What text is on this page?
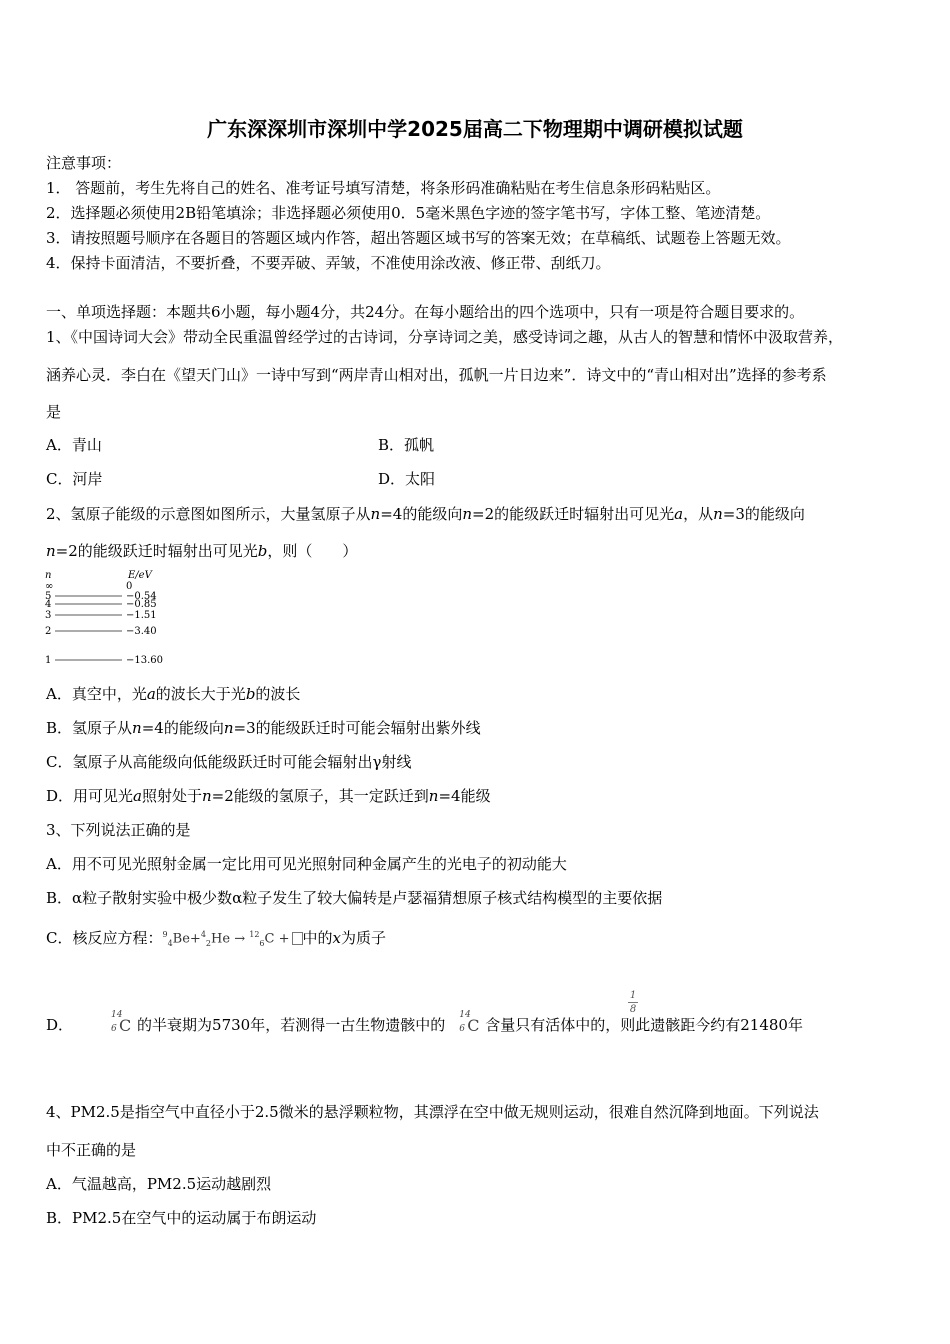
广东深深圳市深圳中学2025届高二下物理期中调研模拟试题
注意事项：
1． 答题前，考生先将自己的姓名、准考证号填写清楚，将条形码准确粘贴在考生信息条形码粘贴区。
2．选择题必须使用2B铅笔填涂；非选择题必须使用0．5毫米黑色字迹的签字笔书写，字体工整、笔迹清楚。
3．请按照题号顺序在各题目的答题区域内作答，超出答题区域书写的答案无效；在草稿纸、试题卷上答题无效。
4．保持卡面清洁，不要折叠，不要弄破、弄皱，不准使用涂改液、修正带、刮纸刀。
一、单项选择题：本题共6小题，每小题4分，共24分。在每小题给出的四个选项中，只有一项是符合题目要求的。
1、《中国诗词大会》带动全民重温曾经学过的古诗词，分享诗词之美，感受诗词之趣，从古人的智慧和情怀中汲取营养，
涵养心灵．李白在《望天门山》一诗中写到“两岸青山相对出，孤帆一片日边来”．诗文中的“青山相对出”选择的参考系
是
A．青山	B．孤帆
C．河岸	D．太阳
2、氢原子能级的示意图如图所示，大量氢原子从n=4的能级向n=2的能级跃迁时辐射出可见光a，从n=3的能级向
n=2的能级跃迁时辐射出可见光b，则（　　）
n	E/eV
∞	0
5	−0.54
4	−0.85
3	−1.51
2	−3.40
1	−13.60
A．真空中，光a的波长大于光b的波长
B．氢原子从n=4的能级向n=3的能级跃迁时可能会辐射出紫外线
C．氢原子从高能级向低能级跃迁时可能会辐射出γ射线
D．用可见光a照射处于n=2能级的氢原子，其一定跃迁到n=4能级
3、下列说法正确的是
A．用不可见光照射金属一定比用可见光照射同种金属产生的光电子的初动能大
B．α粒子散射实验中极少数α粒子发生了较大偏转是卢瑟福猜想原子核式结构模型的主要依据
C．核反应方程：$^9_4$Be+$^4_2$He → $^{12}_6$C + 中的x为质子
D．
14
6 C 的半衰期为5730年，若测得一古生物遗骸中的
14
6 C 含量只有活体中的，则此遗骸距今约有21480年
1
8
4、PM2.5是指空气中直径小于2.5微米的悬浮颗粒物，其漂浮在空中做无规则运动，很难自然沉降到地面。下列说法
中不正确的是
A．气温越高，PM2.5运动越剧烈
B．PM2.5在空气中的运动属于布朗运动
